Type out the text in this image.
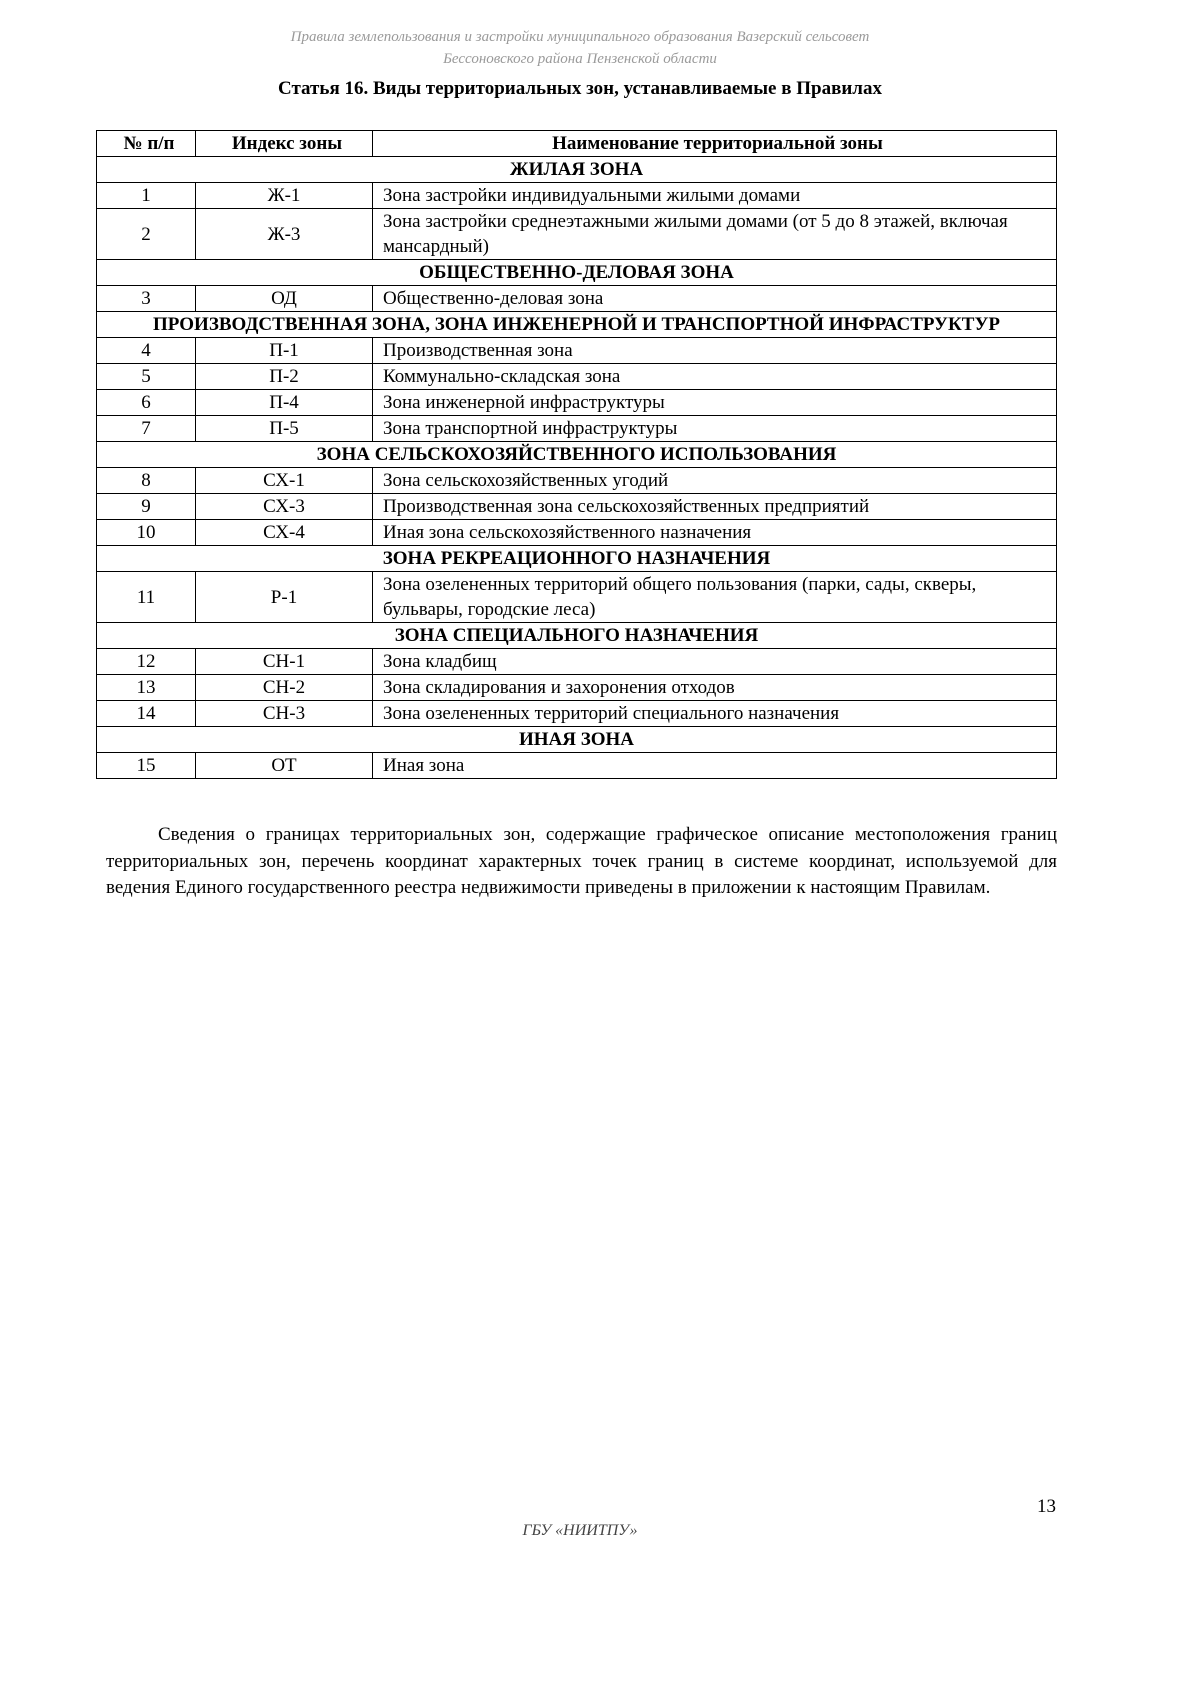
Правила землепользования и застройки муниципального образования Вазерский сельсовет
Бессоновского района Пензенской области
Статья 16. Виды территориальных зон, устанавливаемые в Правилах
№ п/п	Индекс зоны	Наименование территориальной зоны
ЖИЛАЯ ЗОНА		
1	Ж-1	Зона застройки индивидуальными жилыми домами
2	Ж-3	Зона застройки среднеэтажными жилыми домами (от 5 до 8 этажей, включая мансардный)
ОБЩЕСТВЕННО-ДЕЛОВАЯ ЗОНА		
3	ОД	Общественно-деловая зона
ПРОИЗВОДСТВЕННАЯ ЗОНА, ЗОНА ИНЖЕНЕРНОЙ И ТРАНСПОРТНОЙ ИНФРАСТРУКТУР		
4	П-1	Производственная зона
5	П-2	Коммунально-складская зона
6	П-4	Зона инженерной инфраструктуры
7	П-5	Зона транспортной инфраструктуры
ЗОНА СЕЛЬСКОХОЗЯЙСТВЕННОГО ИСПОЛЬЗОВАНИЯ		
8	СХ-1	Зона сельскохозяйственных угодий
9	СХ-3	Производственная зона сельскохозяйственных предприятий
10	СХ-4	Иная зона сельскохозяйственного назначения
ЗОНА РЕКРЕАЦИОННОГО НАЗНАЧЕНИЯ		
11	Р-1	Зона озелененных территорий общего пользования (парки, сады, скверы, бульвары, городские леса)
ЗОНА СПЕЦИАЛЬНОГО НАЗНАЧЕНИЯ		
12	СН-1	Зона кладбищ
13	СН-2	Зона складирования и захоронения отходов
14	СН-3	Зона озелененных территорий специального назначения
ИНАЯ ЗОНА		
15	ОТ	Иная зона
Сведения о границах территориальных зон, содержащие графическое описание местоположения границ территориальных зон, перечень координат характерных точек границ в системе координат, используемой для ведения Единого государственного реестра недвижимости приведены в приложении к настоящим Правилам.
13
ГБУ «НИИТПУ»
